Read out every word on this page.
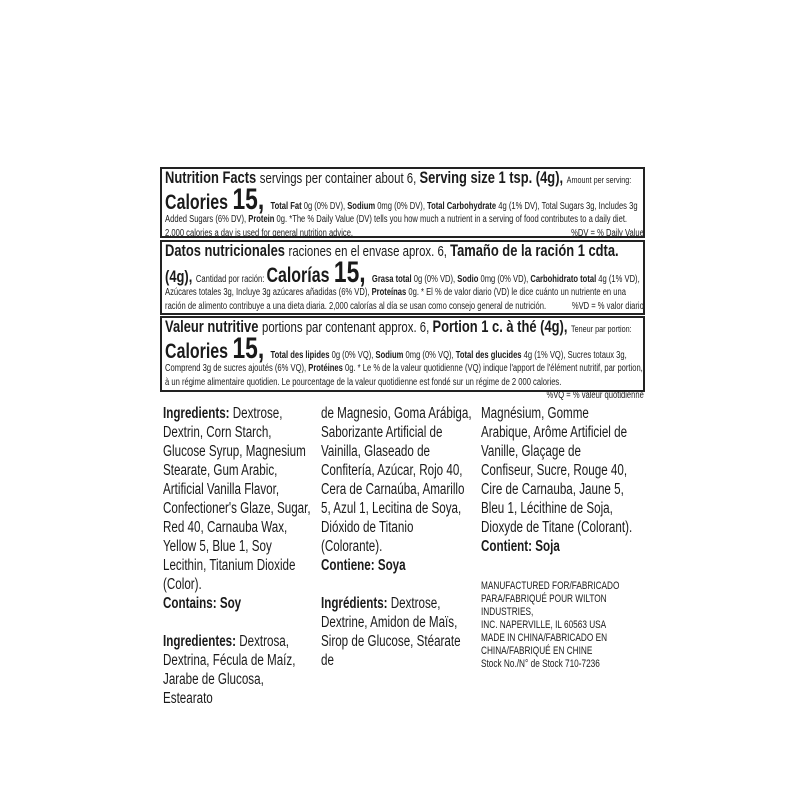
Nutrition Facts servings per container about 6, Serving size 1 tsp. (4g), Amount per serving:
Calories 15, Total Fat 0g (0% DV), Sodium 0mg (0% DV), Total Carbohydrate 4g (1% DV), Total Sugars 3g, Includes 3g Added Sugars (6% DV), Protein 0g. *The % Daily Value (DV) tells you how much a nutrient in a serving of food contributes to a daily diet. 2,000 calories a day is used for general nutrition advice.	%DV = % Daily Value
Datos nutricionales raciones en el envase aprox. 6, Tamaño de la ración 1 cdta. (4g), Cantidad por ración: Calorías 15, Grasa total 0g (0% VD), Sodio 0mg (0% VD), Carbohidrato total 4g (1% VD), Azúcares totales 3g, Incluye 3g azúcares añadidas (6% VD), Proteínas 0g. * El % de valor diario (VD) le dice cuánto un nutriente en una ración de alimento contribuye a una dieta diaria. 2,000 calorías al día se usan como consejo general de nutrición.	%VD = % valor diario
Valeur nutritive portions par contenant approx. 6, Portion 1 c. à thé (4g), Teneur par portion:
Calories 15, Total des lipides 0g (0% VQ), Sodium 0mg (0% VQ), Total des glucides 4g (1% VQ), Sucres totaux 3g, Comprend 3g de sucres ajoutés (6% VQ), Protéines 0g. * Le % de la valeur quotidienne (VQ) indique l'apport de l'élément nutritif, par portion, à un régime alimentaire quotidien. Le pourcentage de la valeur quotidienne est fondé sur un régime de 2 000 calories.
%VQ = % valeur quotidienne

Ingredients: Dextrose, Dextrin, Corn Starch, Glucose Syrup, Magnesium Stearate, Gum Arabic, Artificial Vanilla Flavor, Confectioner's Glaze, Sugar, Red 40, Carnauba Wax, Yellow 5, Blue 1, Soy Lecithin, Titanium Dioxide (Color).

Contains: Soy

Ingredientes: Dextrosa, Dextrina, Fécula de Maíz, Jarabe de Glucosa, Estearato

de Magnesio, Goma Arábiga, Saborizante Artificial de Vainilla, Glaseado de Confitería, Azúcar, Rojo 40, Cera de Carnaúba, Amarillo 5, Azul 1, Lecitina de Soya, Dióxido de Titanio (Colorante).

Contiene: Soya

Ingrédients: Dextrose, Dextrine, Amidon de Maïs, Sirop de Glucose, Stéarate de

Magnésium, Gomme Arabique, Arôme Artificiel de Vanille, Glaçage de Confiseur, Sucre, Rouge 40, Cire de Carnauba, Jaune 5, Bleu 1, Lécithine de Soja, Dioxyde de Titane (Colorant).

Contient: Soja

MANUFACTURED FOR/FABRICADO
PARA/FABRIQUÉ POUR WILTON INDUSTRIES,
INC. NAPERVILLE, IL 60563 USA
MADE IN CHINA/FABRICADO EN
CHINA/FABRIQUÉ EN CHINE
Stock No./N° de Stock 710-7236
